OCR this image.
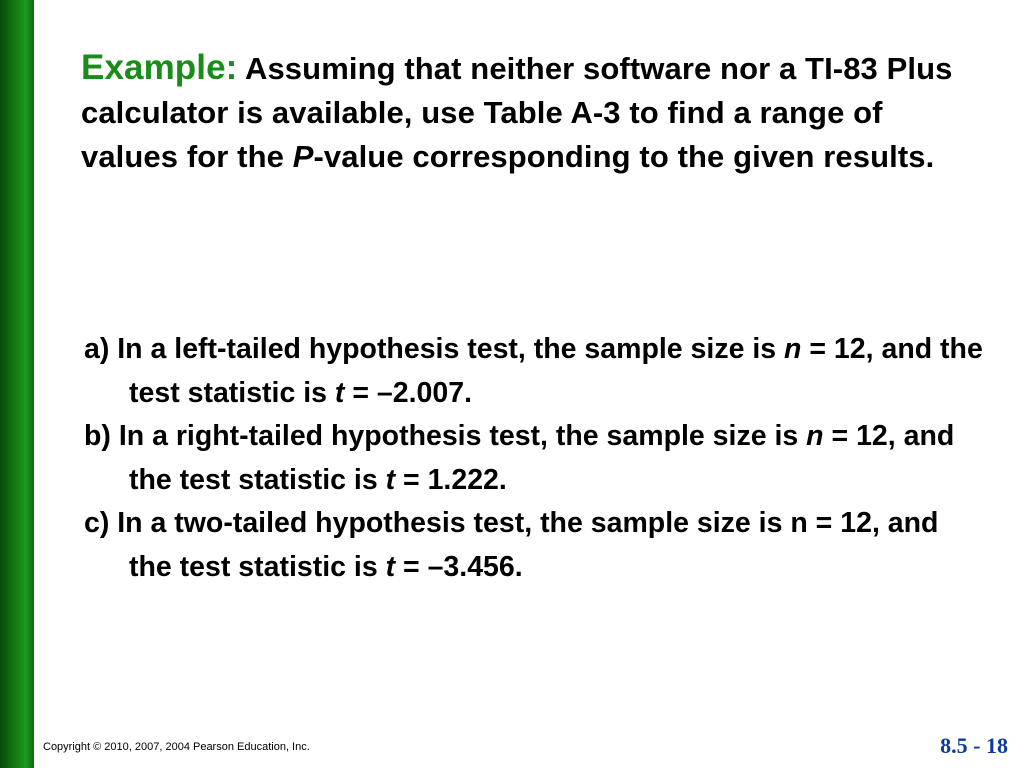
Example: Assuming that neither software nor a TI-83 Plus calculator is available, use Table A-3 to find a range of values for the P-value corresponding to the given results.
a) In a left-tailed hypothesis test, the sample size is n = 12, and the test statistic is t = –2.007.
b) In a right-tailed hypothesis test, the sample size is n = 12, and the test statistic is t = 1.222.
c) In a two-tailed hypothesis test, the sample size is n = 12, and the test statistic is t = –3.456.
Copyright © 2010, 2007, 2004 Pearson Education, Inc.	8.5 - 18
